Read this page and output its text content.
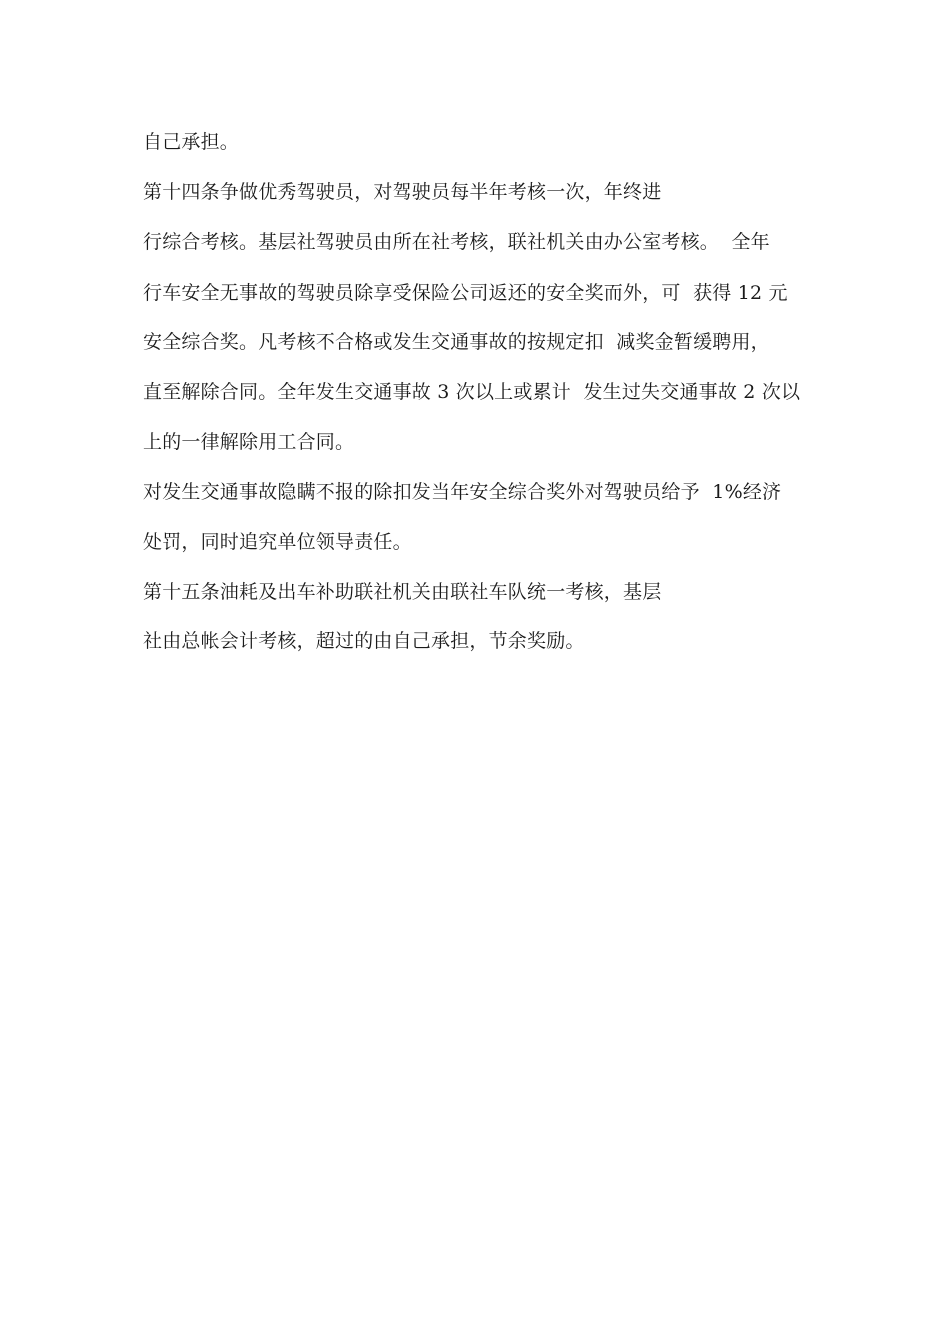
自己承担。
第十四条争做优秀驾驶员，对驾驶员每半年考核一次，年终进
行综合考核。基层社驾驶员由所在社考核，联社机关由办公室考核。  全年
行车安全无事故的驾驶员除享受保险公司返还的安全奖而外，可  获得 12 元
安全综合奖。凡考核不合格或发生交通事故的按规定扣  减奖金暂缓聘用，
直至解除合同。全年发生交通事故 3 次以上或累计  发生过失交通事故 2 次以
上的一律解除用工合同。
对发生交通事故隐瞒不报的除扣发当年安全综合奖外对驾驶员给予  1%经济
处罚，同时追究单位领导责任。
第十五条油耗及出车补助联社机关由联社车队统一考核，基层
社由总帐会计考核，超过的由自己承担，节余奖励。
